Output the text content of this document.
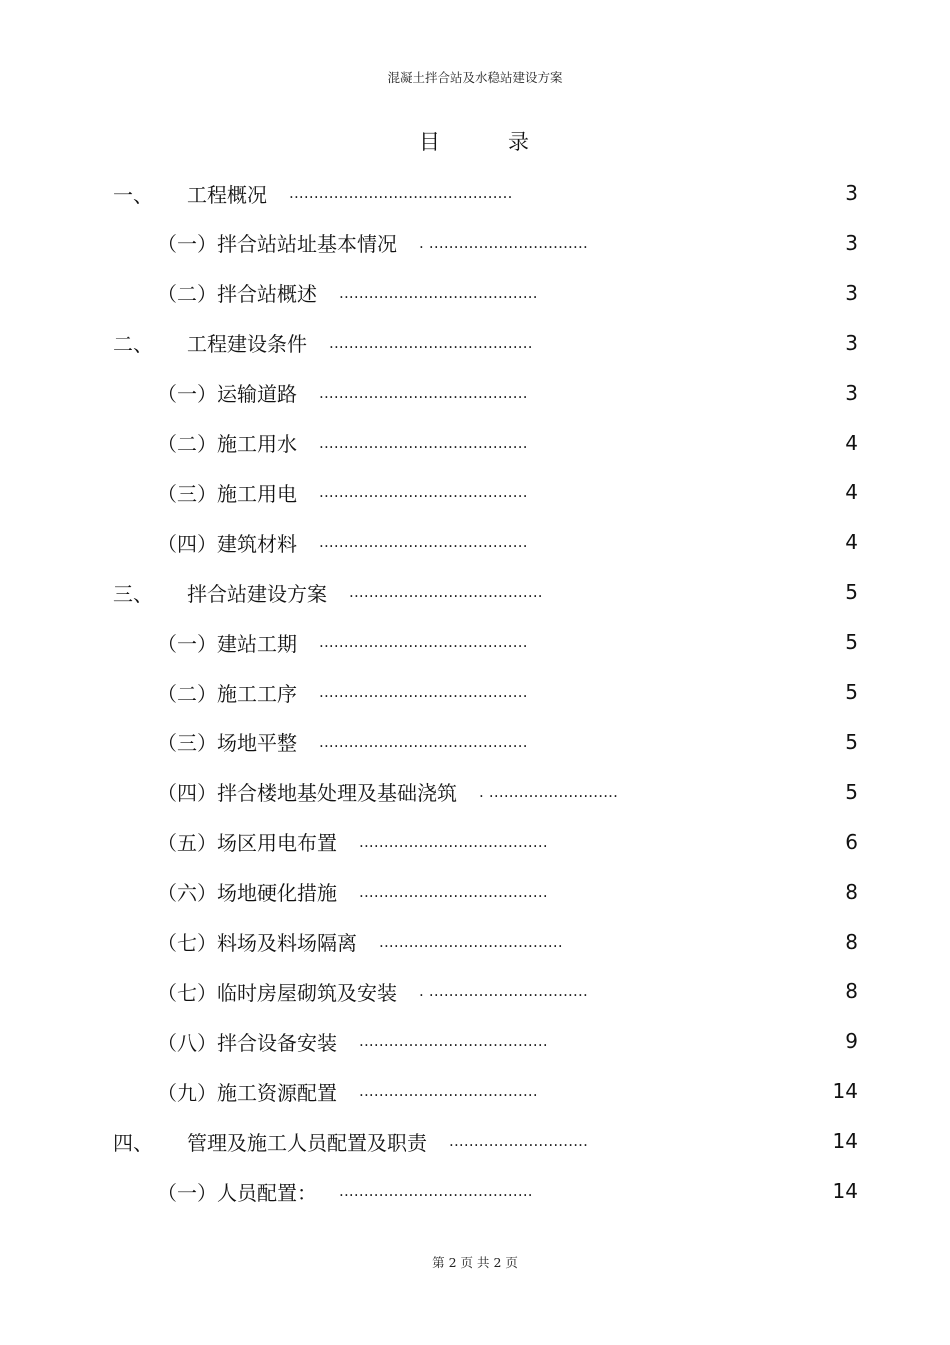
混凝土拌合站及水稳站建设方案
目	录
一、	工程概况 .............................................	3
（一） 拌合站站址基本情况 . ................................	3
（二） 拌合站概述 ........................................	3
二、	工程建设条件 .........................................	3
（一） 运输道路 ..........................................	3
（二） 施工用水 ..........................................	4
（三） 施工用电 ..........................................	4
（四） 建筑材料 ..........................................	4
三、	拌合站建设方案 .......................................	5
（一） 建站工期 ..........................................	5
（二） 施工工序 ..........................................	5
（三） 场地平整 ..........................................	5
（四） 拌合楼地基处理及基础浇筑 . ..........................	5
（五） 场区用电布置 ......................................	6
（六） 场地硬化措施 ......................................	8
（七） 料场及料场隔离 .....................................	8
（七） 临时房屋砌筑及安装 . ................................	8
（八） 拌合设备安装 ......................................	9
（九） 施工资源配置 ....................................	14
四、	管理及施工人员配置及职责 ............................	14
（一） 人员配置： .......................................	14
第 2 页 共 2 页
